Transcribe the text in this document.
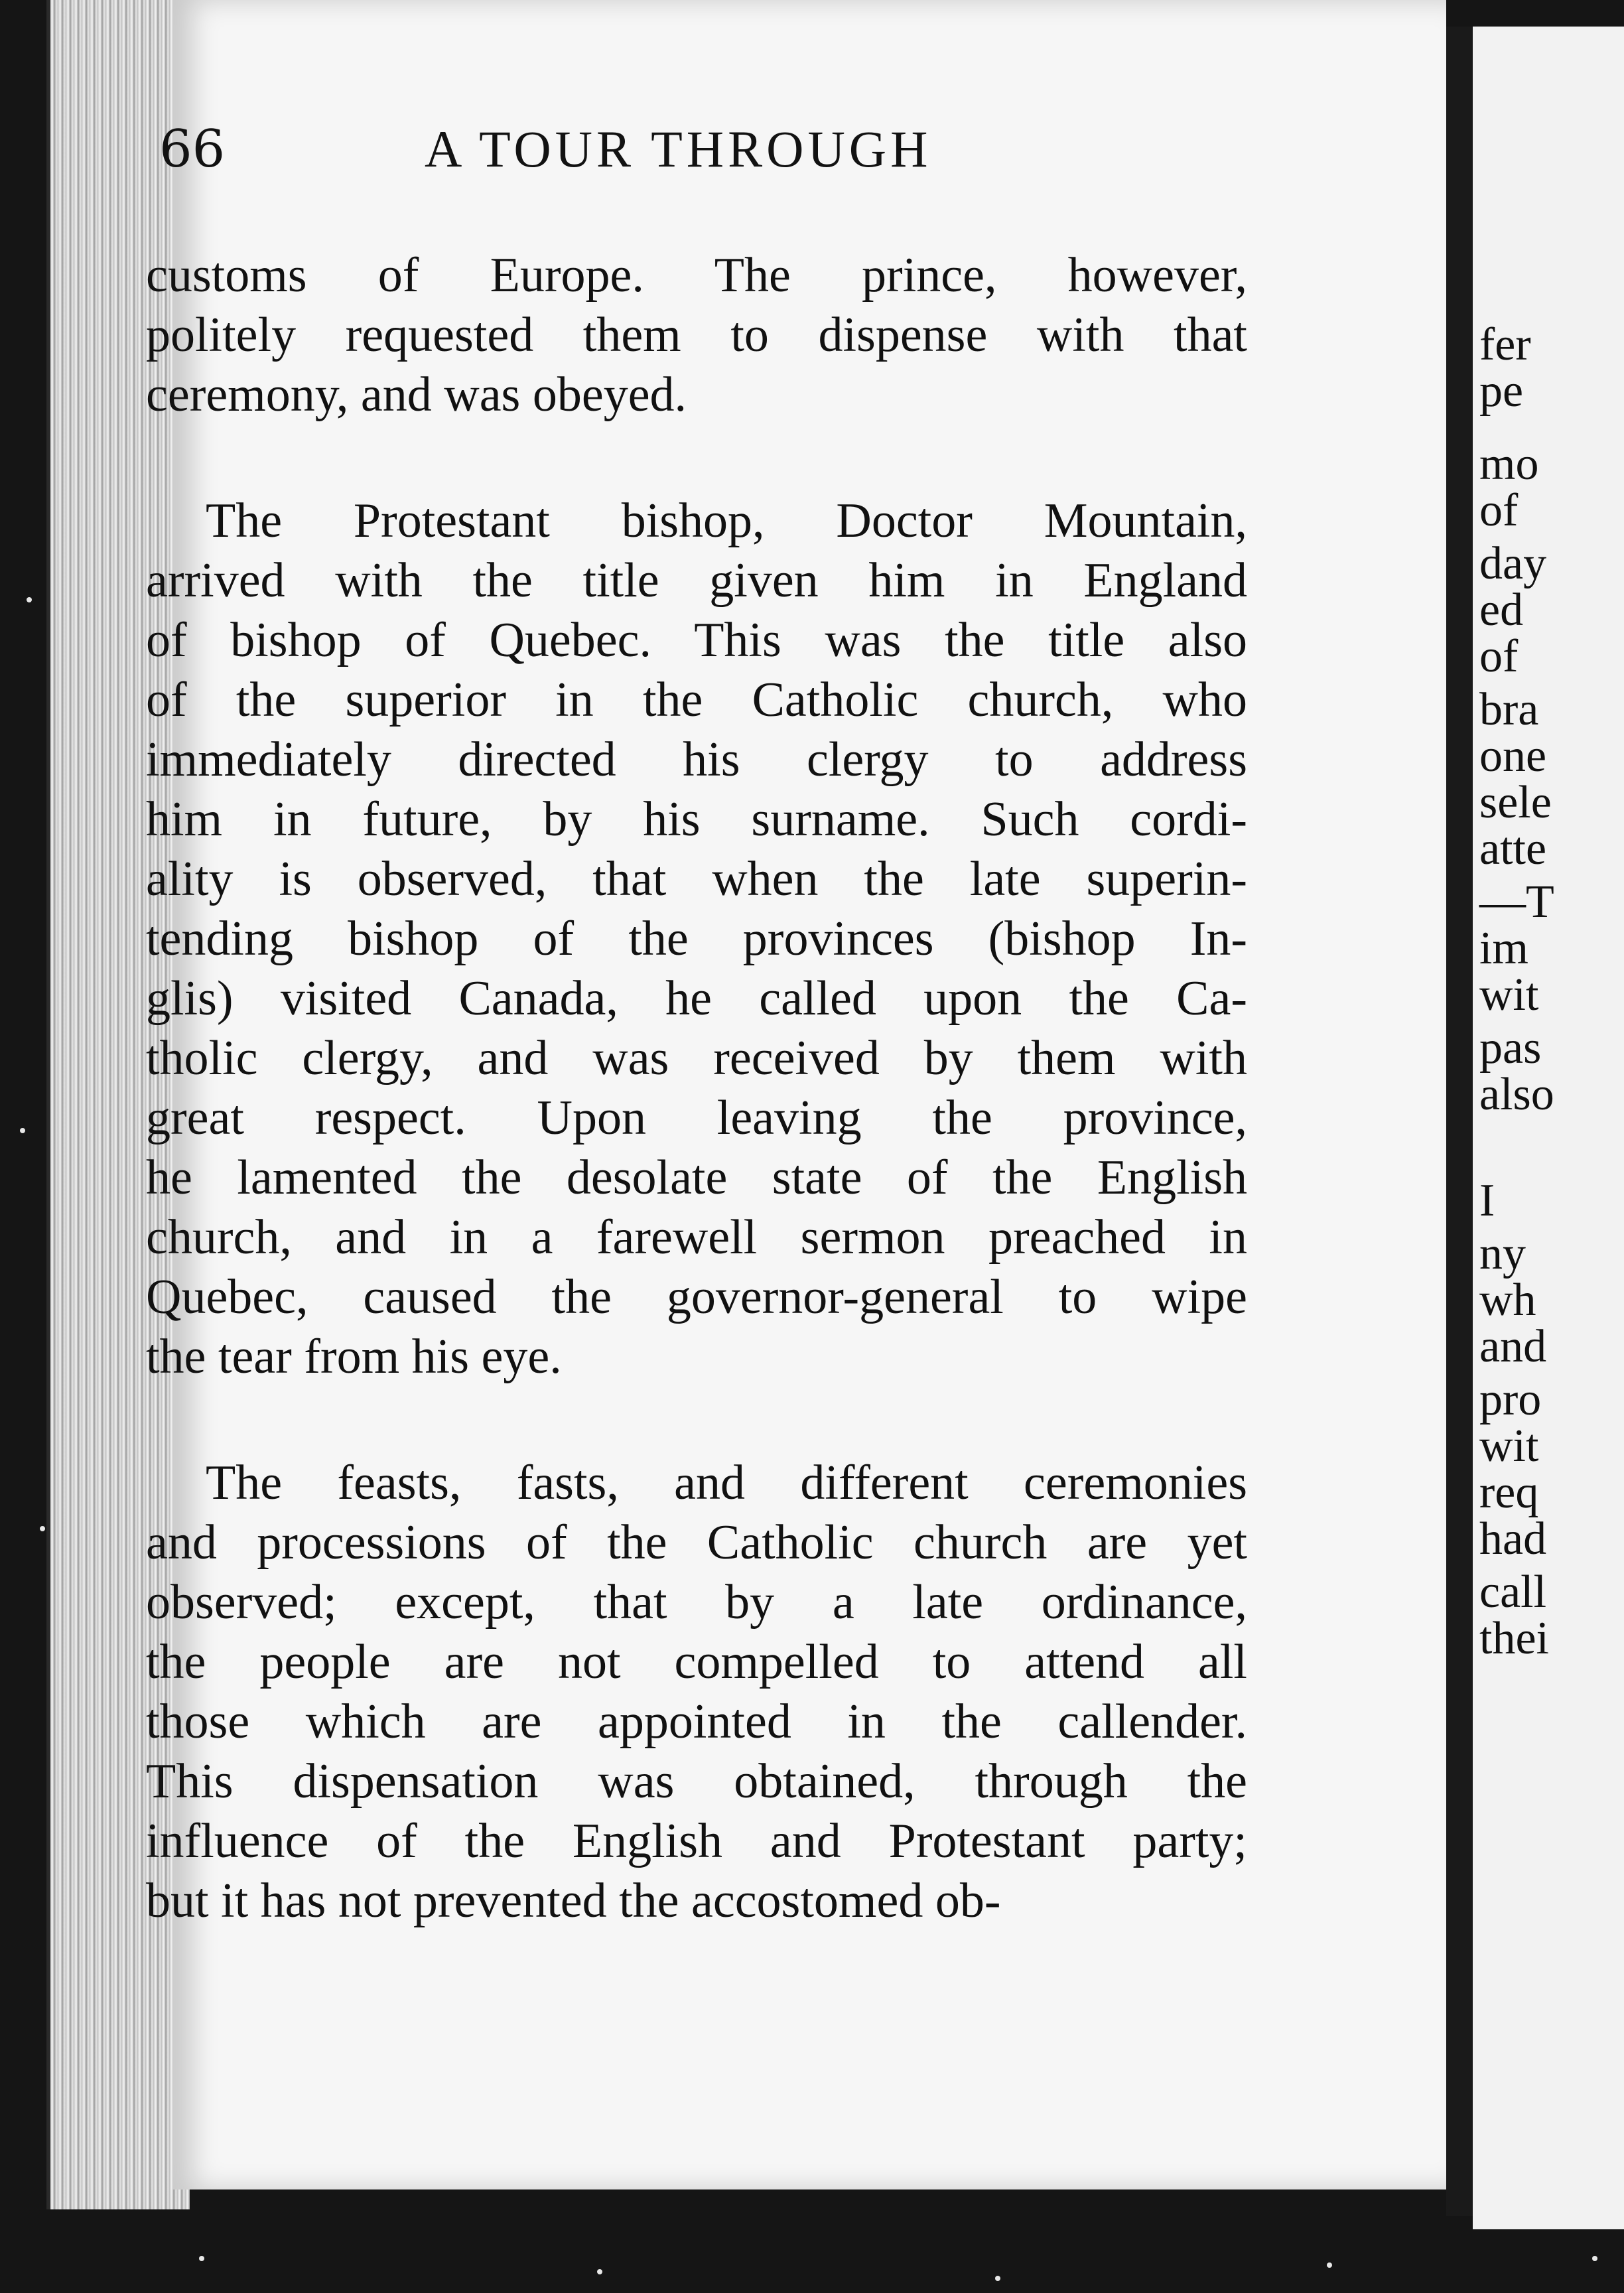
fer
pe
mo
of
day
ed
of
bra
one
sele
atte
—T
im
wit
pas
also
I
ny
wh
and
pro
wit
req
had
call
thei
66	A TOUR THROUGH
customs of Europe. The prince, however,
politely requested them to dispense with that
ceremony, and was obeyed.
The Protestant bishop, Doctor Mountain,
arrived with the title given him in England
of bishop of Quebec. This was the title also
of the superior in the Catholic church, who
immediately directed his clergy to address
him in future, by his surname. Such cordi-
ality is observed, that when the late superin-
tending bishop of the provinces (bishop In-
glis) visited Canada, he called upon the Ca-
tholic clergy, and was received by them with
great respect. Upon leaving the province,
he lamented the desolate state of the English
church, and in a farewell sermon preached in
Quebec, caused the governor-general to wipe
the tear from his eye.
The feasts, fasts, and different ceremonies
and processions of the Catholic church are yet
observed; except, that by a late ordinance,
the people are not compelled to attend all
those which are appointed in the callender.
This dispensation was obtained, through the
influence of the English and Protestant party;
but it has not prevented the accostomed ob-
